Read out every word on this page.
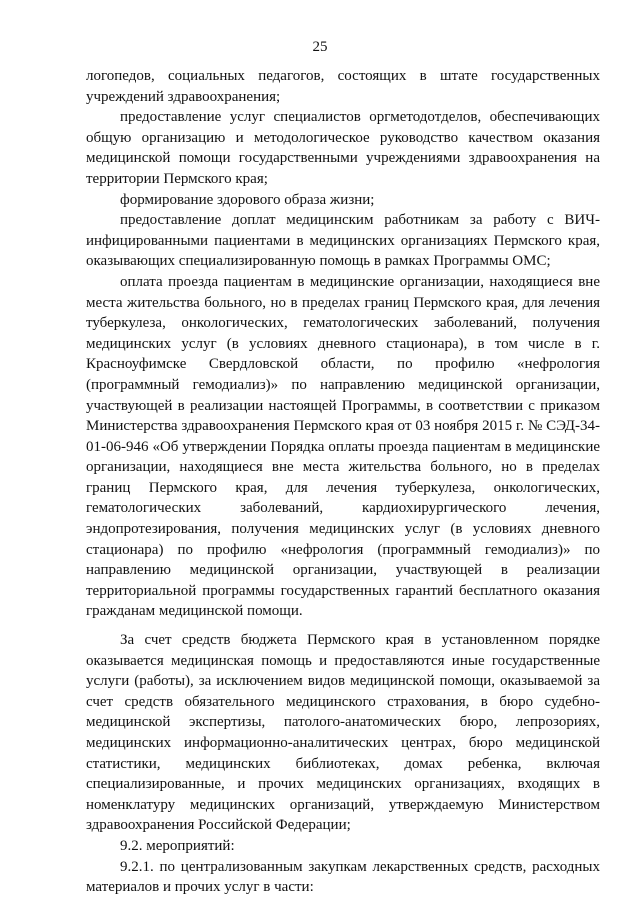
25

логопедов, социальных педагогов, состоящих в штате государственных учреждений здравоохранения;

предоставление услуг специалистов оргметодотделов, обеспечивающих общую организацию и методологическое руководство качеством оказания медицинской помощи государственными учреждениями здравоохранения на территории Пермского края;

формирование здорового образа жизни;

предоставление доплат медицинским работникам за работу с ВИЧ-инфицированными пациентами в медицинских организациях Пермского края, оказывающих специализированную помощь в рамках Программы ОМС;

оплата проезда пациентам в медицинские организации, находящиеся вне места жительства больного, но в пределах границ Пермского края, для лечения туберкулеза, онкологических, гематологических заболеваний, получения медицинских услуг (в условиях дневного стационара), в том числе в г. Красноуфимске Свердловской области, по профилю «нефрология (программный гемодиализ)» по направлению медицинской организации, участвующей в реализации настоящей Программы, в соответствии с приказом Министерства здравоохранения Пермского края от 03 ноября 2015 г. № СЭД-34-01-06-946 «Об утверждении Порядка оплаты проезда пациентам в медицинские организации, находящиеся вне места жительства больного, но в пределах границ Пермского края, для лечения туберкулеза, онкологических, гематологических заболеваний, кардиохирургического лечения, эндопротезирования, получения медицинских услуг (в условиях дневного стационара) по профилю «нефрология (программный гемодиализ)» по направлению медицинской организации, участвующей в реализации территориальной программы государственных гарантий бесплатного оказания гражданам медицинской помощи.

За счет средств бюджета Пермского края в установленном порядке оказывается медицинская помощь и предоставляются иные государственные услуги (работы), за исключением видов медицинской помощи, оказываемой за счет средств обязательного медицинского страхования, в бюро судебно-медицинской экспертизы, патолого-анатомических бюро, лепрозориях, медицинских информационно-аналитических центрах, бюро медицинской статистики, медицинских библиотеках, домах ребенка, включая специализированные, и прочих медицинских организациях, входящих в номенклатуру медицинских организаций, утверждаемую Министерством здравоохранения Российской Федерации;

9.2. мероприятий:

9.2.1. по централизованным закупкам лекарственных средств, расходных материалов и прочих услуг в части:
